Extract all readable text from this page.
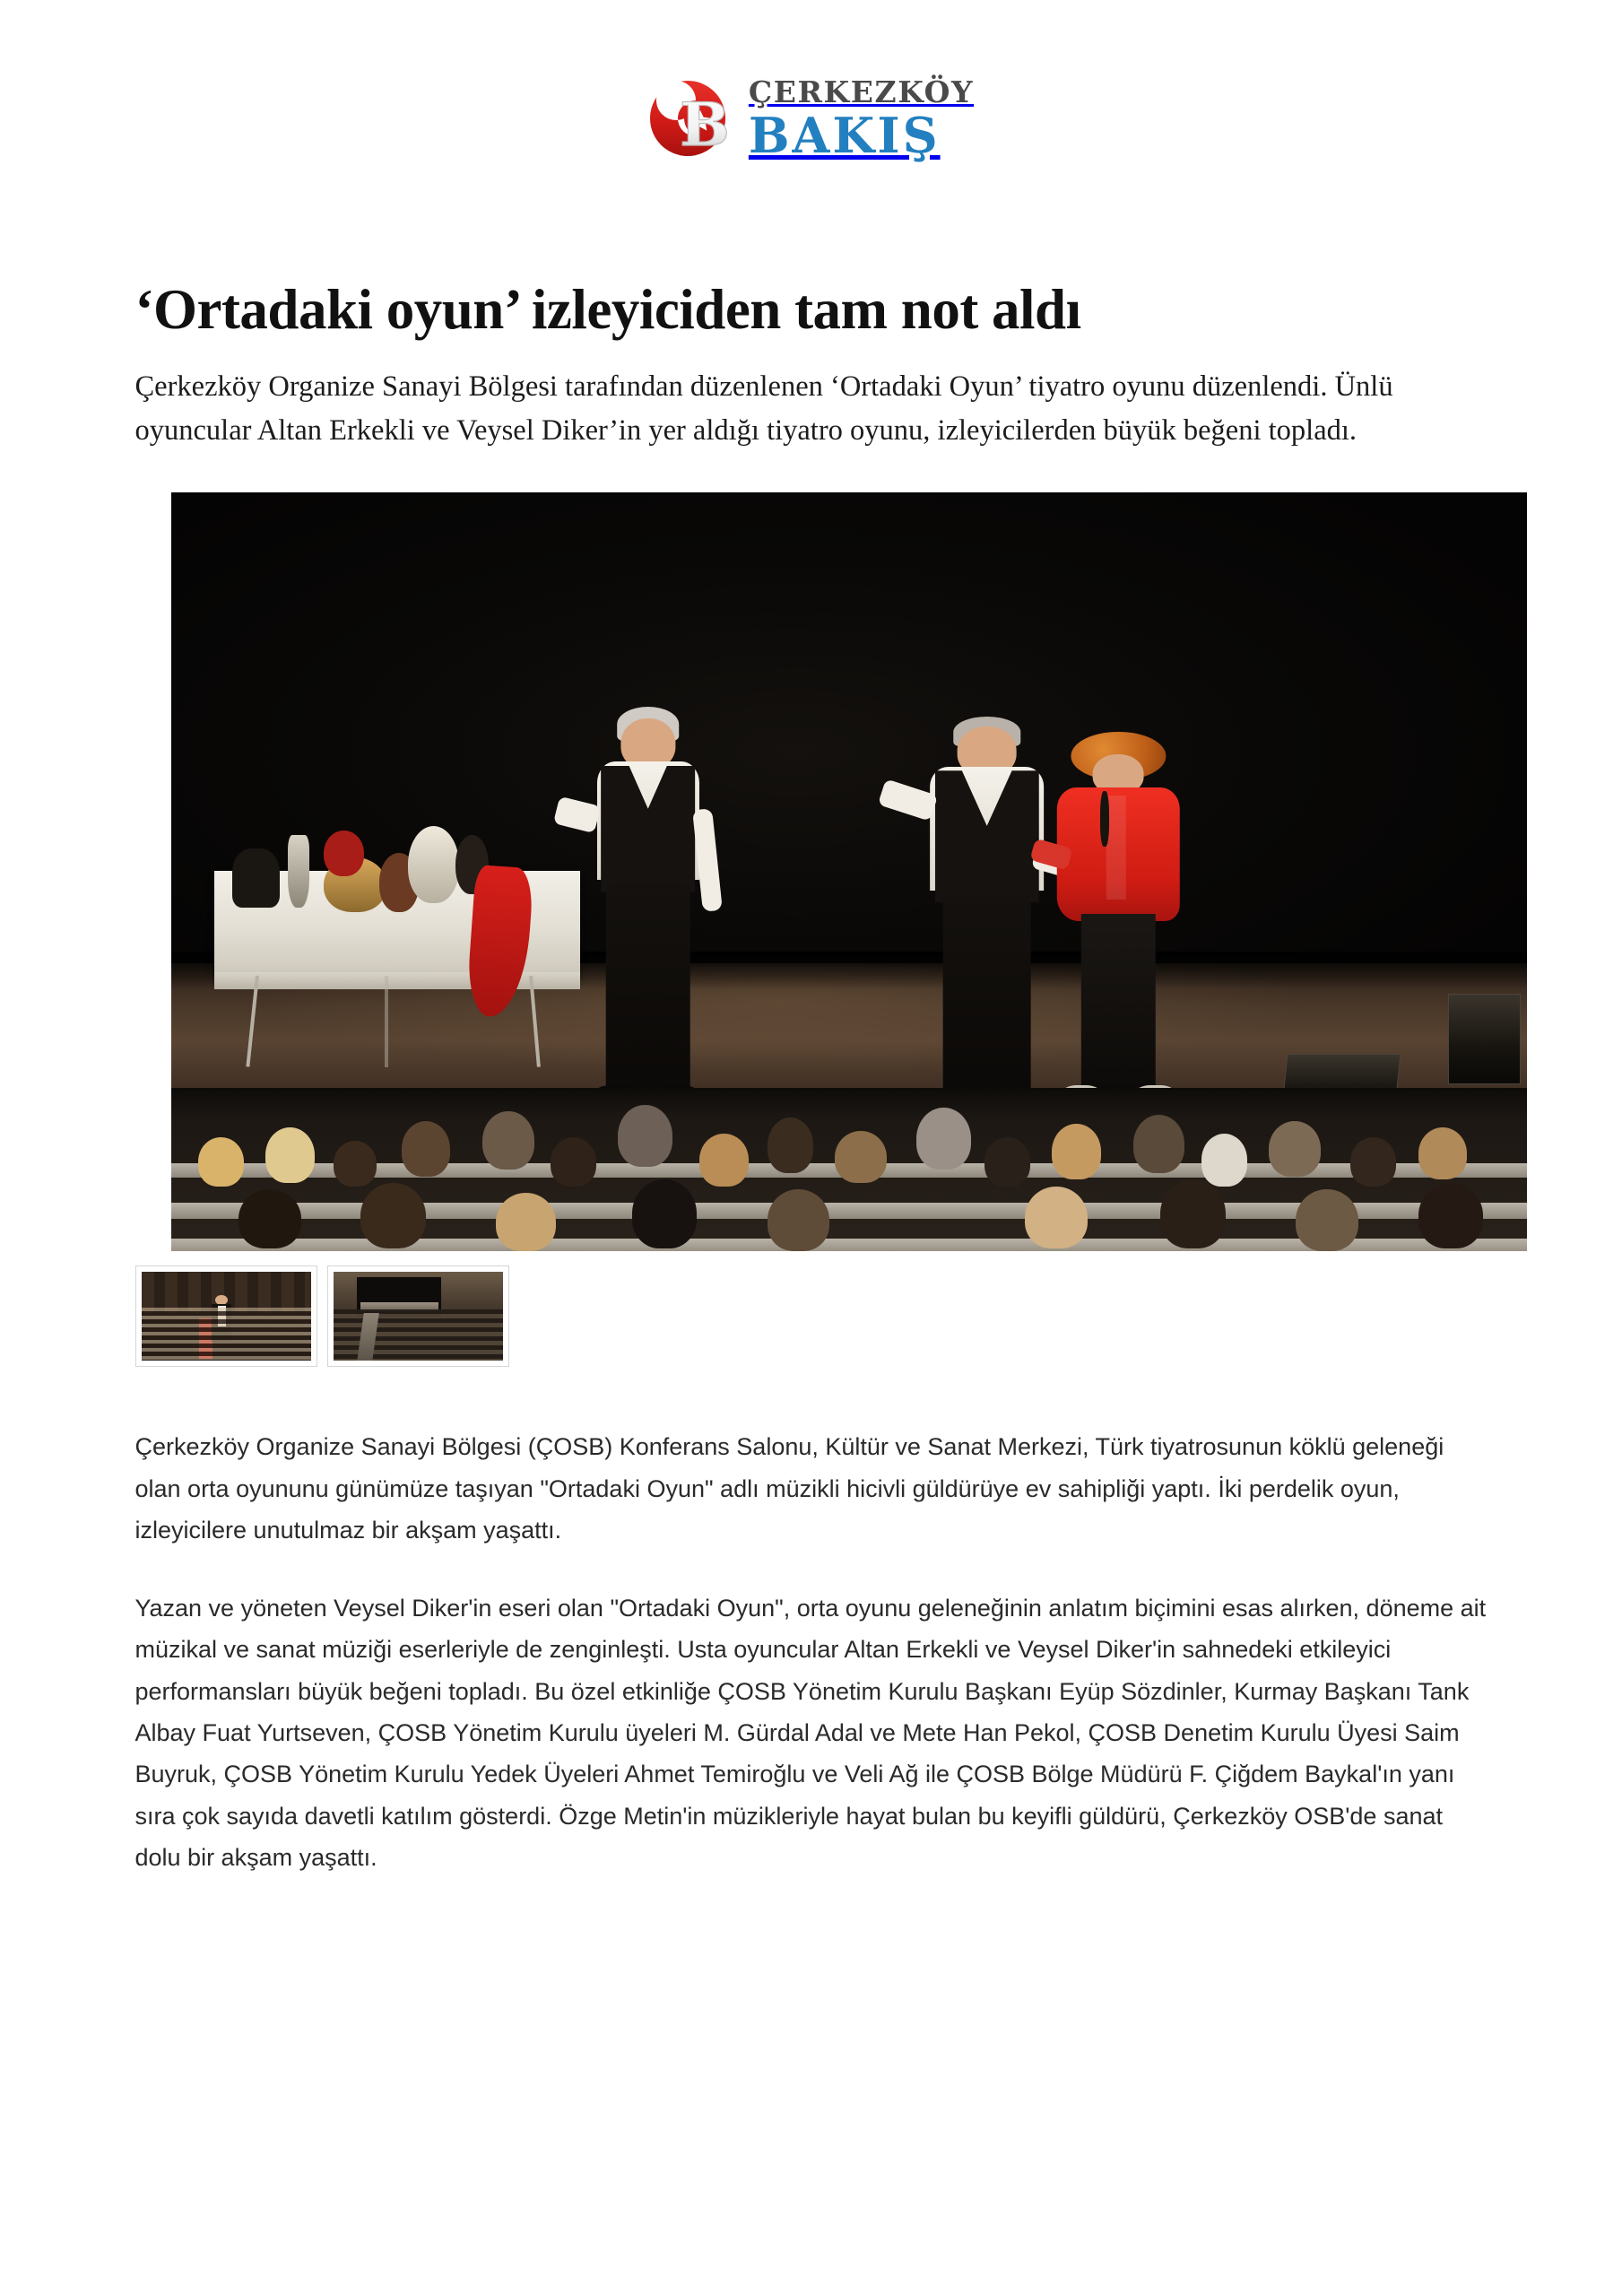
B ÇERKEZKÖY
BAKIŞ
‘Ortadaki oyun’ izleyiciden tam not aldı

Çerkezköy Organize Sanayi Bölgesi tarafından düzenlenen ‘Ortadaki Oyun’ tiyatro oyunu düzenlendi. Ünlü oyuncular Altan Erkekli ve Veysel Diker’in yer aldığı tiyatro oyunu, izleyicilerden büyük beğeni topladı.

Çerkezköy Organize Sanayi Bölgesi (ÇOSB) Konferans Salonu, Kültür ve Sanat Merkezi, Türk tiyatrosunun köklü geleneği olan orta oyununu günümüze taşıyan "Ortadaki Oyun" adlı müzikli hicivli güldürüye ev sahipliği yaptı. İki perdelik oyun, izleyicilere unutulmaz bir akşam yaşattı.

Yazan ve yöneten Veysel Diker'in eseri olan "Ortadaki Oyun", orta oyunu geleneğinin anlatım biçimini esas alırken, döneme ait müzikal ve sanat müziği eserleriyle de zenginleşti. Usta oyuncular Altan Erkekli ve Veysel Diker'in sahnedeki etkileyici performansları büyük beğeni topladı. Bu özel etkinliğe ÇOSB Yönetim Kurulu Başkanı Eyüp Sözdinler, Kurmay Başkanı Tank Albay Fuat Yurtseven, ÇOSB Yönetim Kurulu üyeleri M. Gürdal Adal ve Mete Han Pekol, ÇOSB Denetim Kurulu Üyesi Saim Buyruk, ÇOSB Yönetim Kurulu Yedek Üyeleri Ahmet Temiroğlu ve Veli Ağ ile ÇOSB Bölge Müdürü F. Çiğdem Baykal'ın yanı sıra çok sayıda davetli katılım gösterdi. Özge Metin'in müzikleriyle hayat bulan bu keyifli güldürü, Çerkezköy OSB'de sanat dolu bir akşam yaşattı.
